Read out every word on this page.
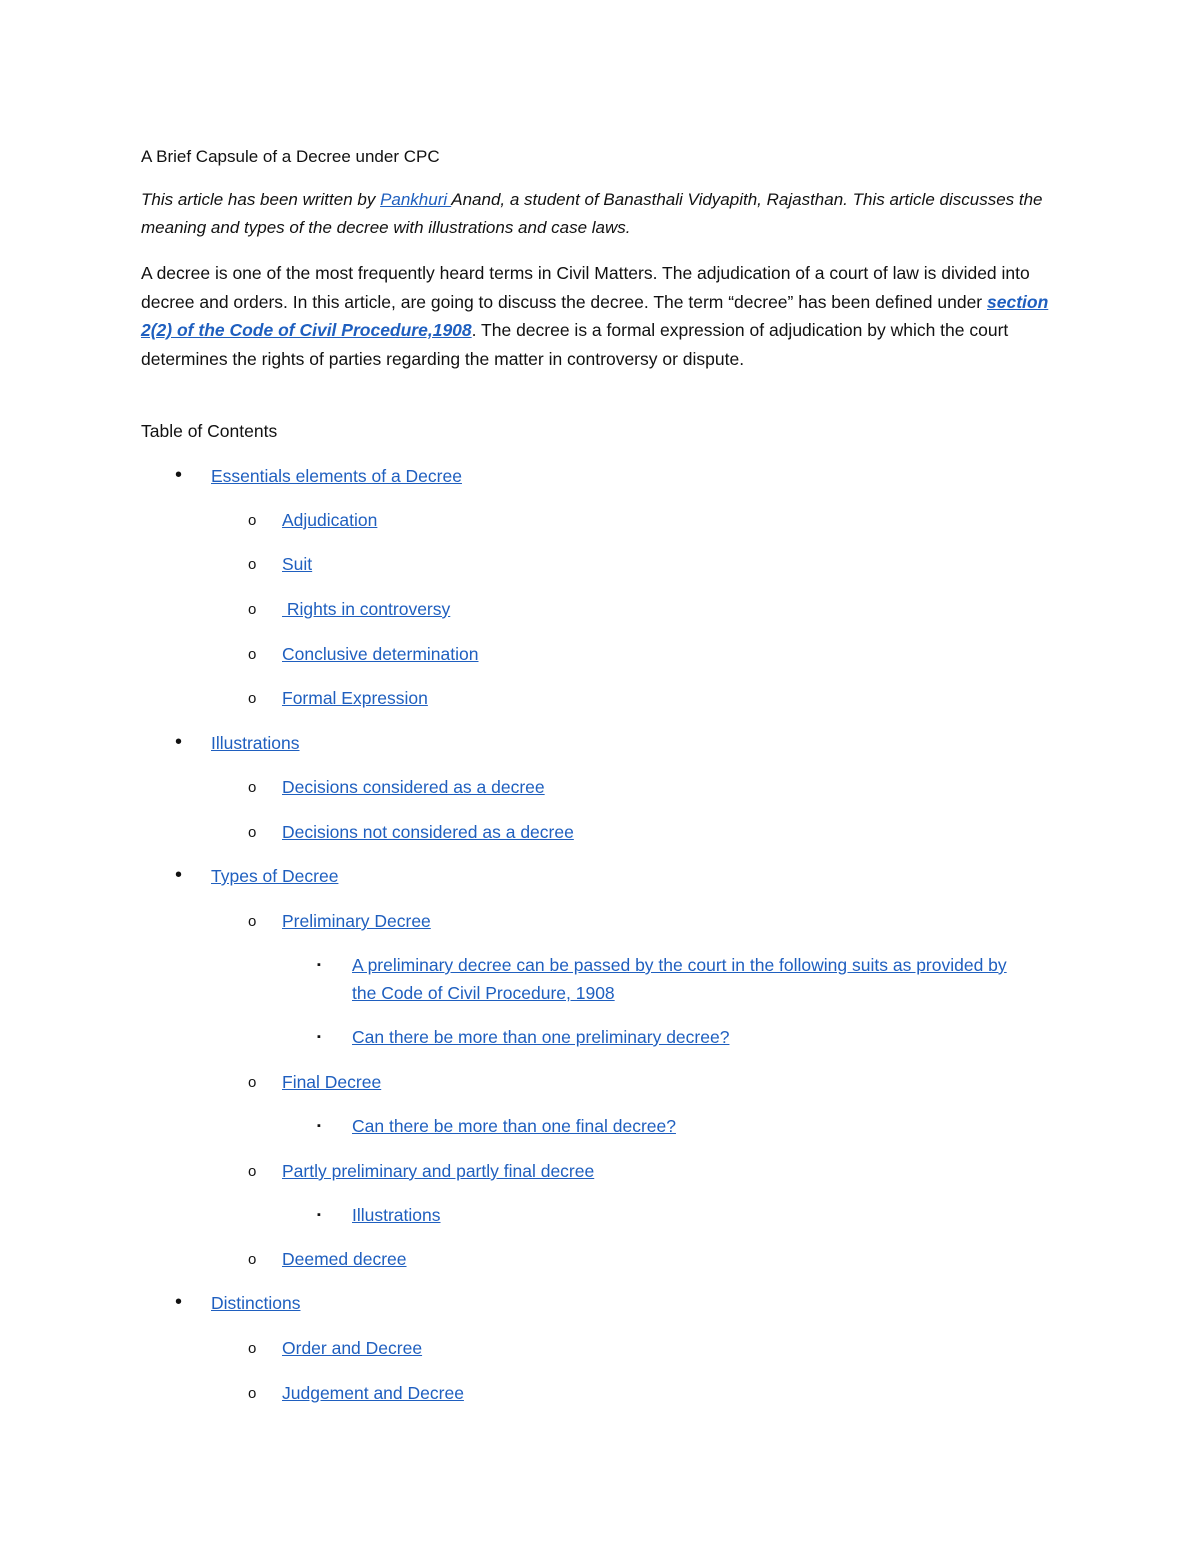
A Brief Capsule of a Decree under CPC
This article has been written by Pankhuri Anand, a student of Banasthali Vidyapith, Rajasthan. This article discusses the meaning and types of the decree with illustrations and case laws.
A decree is one of the most frequently heard terms in Civil Matters. The adjudication of a court of law is divided into decree and orders. In this article, are going to discuss the decree. The term “decree” has been defined under section 2(2) of the Code of Civil Procedure,1908. The decree is a formal expression of adjudication by which the court determines the rights of parties regarding the matter in controversy or dispute.
Table of Contents
• Essentials elements of a Decree
o Adjudication
o Suit
o Rights in controversy
o Conclusive determination
o Formal Expression
• Illustrations
o Decisions considered as a decree
o Decisions not considered as a decree
• Types of Decree
o Preliminary Decree
▪ A preliminary decree can be passed by the court in the following suits as provided by the Code of Civil Procedure, 1908
▪ Can there be more than one preliminary decree?
o Final Decree
▪ Can there be more than one final decree?
o Partly preliminary and partly final decree
▪ Illustrations
o Deemed decree
• Distinctions
o Order and Decree
o Judgement and Decree
